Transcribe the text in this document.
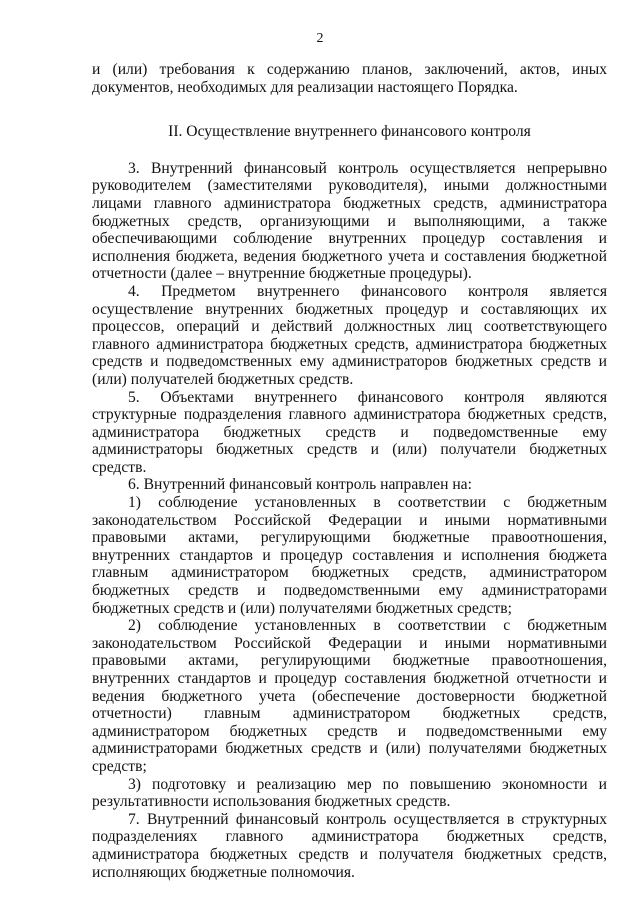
2

и (или) требования к содержанию планов, заключений, актов, иных документов, необходимых для реализации настоящего Порядка.

II. Осуществление внутреннего финансового контроля

3. Внутренний финансовый контроль осуществляется непрерывно руководителем (заместителями руководителя), иными должностными лицами главного администратора бюджетных средств, администратора бюджетных средств, организующими и выполняющими, а также обеспечивающими соблюдение внутренних процедур составления и исполнения бюджета, ведения бюджетного учета и составления бюджетной отчетности (далее – внутренние бюджетные процедуры).

4. Предметом внутреннего финансового контроля является осуществление внутренних бюджетных процедур и составляющих их процессов, операций и действий должностных лиц соответствующего главного администратора бюджетных средств, администратора бюджетных средств и подведомственных ему администраторов бюджетных средств и (или) получателей бюджетных средств.

5. Объектами внутреннего финансового контроля являются структурные подразделения главного администратора бюджетных средств, администратора бюджетных средств и подведомственные ему администраторы бюджетных средств и (или) получатели бюджетных средств.

6. Внутренний финансовый контроль направлен на:

1) соблюдение установленных в соответствии с бюджетным законодательством Российской Федерации и иными нормативными правовыми актами, регулирующими бюджетные правоотношения, внутренних стандартов и процедур составления и исполнения бюджета главным администратором бюджетных средств, администратором бюджетных средств и подведомственными ему администраторами бюджетных средств и (или) получателями бюджетных средств;

2) соблюдение установленных в соответствии с бюджетным законодательством Российской Федерации и иными нормативными правовыми актами, регулирующими бюджетные правоотношения, внутренних стандартов и процедур составления бюджетной отчетности и ведения бюджетного учета (обеспечение достоверности бюджетной отчетности) главным администратором бюджетных средств, администратором бюджетных средств и подведомственными ему администраторами бюджетных средств и (или) получателями бюджетных средств;

3) подготовку и реализацию мер по повышению экономности и результативности использования бюджетных средств.

7. Внутренний финансовый контроль осуществляется в структурных подразделениях главного администратора бюджетных средств, администратора бюджетных средств и получателя бюджетных средств, исполняющих бюджетные полномочия.
